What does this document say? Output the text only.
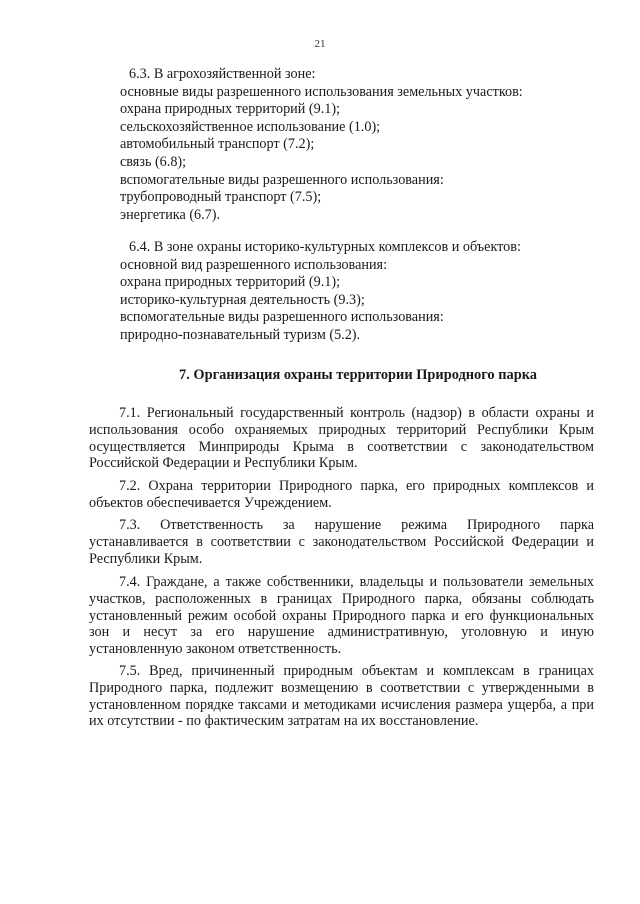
21
6.3. В агрохозяйственной зоне:
основные виды разрешенного использования земельных участков:
охрана природных территорий (9.1);
сельскохозяйственное использование (1.0);
автомобильный транспорт (7.2);
связь (6.8);
вспомогательные виды разрешенного использования:
трубопроводный транспорт (7.5);
энергетика (6.7).
6.4. В зоне охраны историко-культурных комплексов и объектов:
основной вид разрешенного использования:
охрана природных территорий (9.1);
историко-культурная деятельность (9.3);
вспомогательные виды разрешенного использования:
природно-познавательный туризм (5.2).
7. Организация охраны территории Природного парка

7.1. Региональный государственный контроль (надзор) в области охраны и использования особо охраняемых природных территорий Республики Крым осуществляется Минприроды Крыма в соответствии с законодательством Российской Федерации и Республики Крым.

7.2. Охрана территории Природного парка, его природных комплексов и объектов обеспечивается Учреждением.

7.3. Ответственность за нарушение режима Природного парка устанавливается в соответствии с законодательством Российской Федерации и Республики Крым.

7.4. Граждане, а также собственники, владельцы и пользователи земельных участков, расположенных в границах Природного парка, обязаны соблюдать установленный режим особой охраны Природного парка и его функциональных зон и несут за его нарушение административную, уголовную и иную установленную законом ответственность.

7.5. Вред, причиненный природным объектам и комплексам в границах Природного парка, подлежит возмещению в соответствии с утвержденными в установленном порядке таксами и методиками исчисления размера ущерба, а при их отсутствии - по фактическим затратам на их восстановление.
